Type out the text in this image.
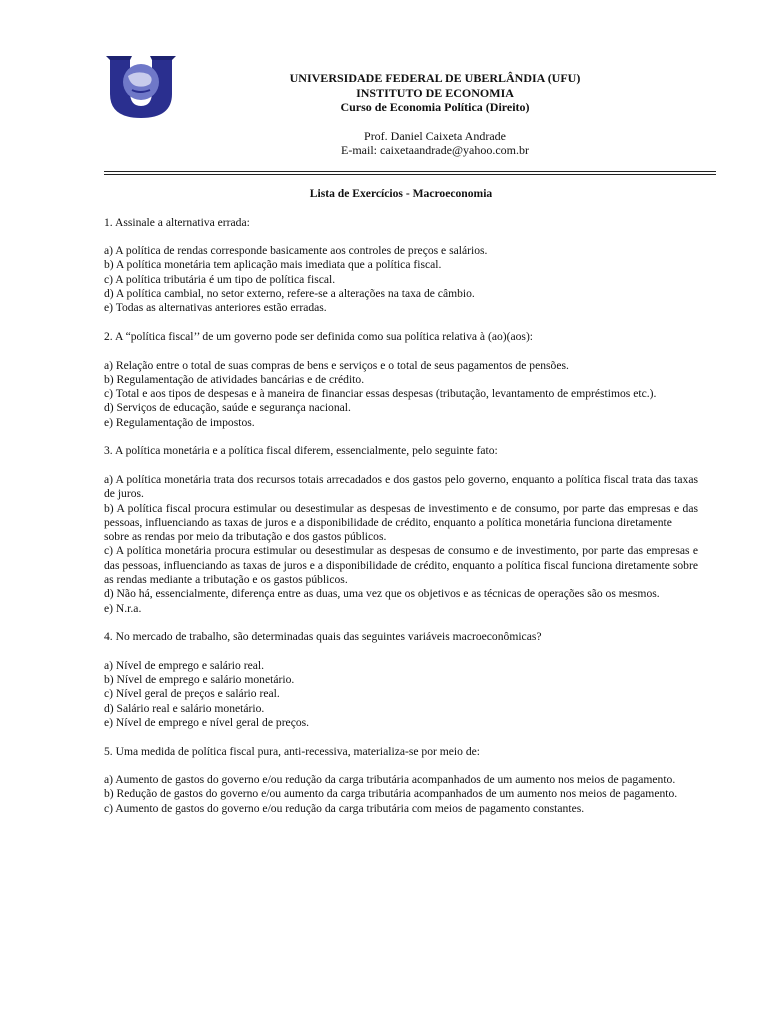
UNIVERSIDADE FEDERAL DE UBERLÂNDIA (UFU)
INSTITUTO DE ECONOMIA
Curso de Economia Política (Direito)
Prof. Daniel Caixeta Andrade
E-mail: caixetaandrade@yahoo.com.br
Lista de Exercícios - Macroeconomia

1. Assinale a alternativa errada:

a) A política de rendas corresponde basicamente aos controles de preços e salários.

b) A política monetária tem aplicação mais imediata que a política fiscal.

c) A política tributária é um tipo de política fiscal.

d) A política cambial, no setor externo, refere-se a alterações na taxa de câmbio.

e) Todas as alternativas anteriores estão erradas.

2. A “política fiscal’’ de um governo pode ser definida como sua política relativa à (ao)(aos):

a) Relação entre o total de suas compras de bens e serviços e o total de seus pagamentos de pensões.

b) Regulamentação de atividades bancárias e de crédito.

c) Total e aos tipos de despesas e à maneira de financiar essas despesas (tributação, levantamento de empréstimos etc.).

d) Serviços de educação, saúde e segurança nacional.

e) Regulamentação de impostos.

3. A política monetária e a política fiscal diferem, essencialmente, pelo seguinte fato:

a) A política monetária trata dos recursos totais arrecadados e dos gastos pelo governo, enquanto a política fiscal trata das taxas de juros.

b) A política fiscal procura estimular ou desestimular as despesas de investimento e de consumo, por parte das empresas e das pessoas, influenciando as taxas de juros e a disponibilidade de crédito, enquanto a política monetária funciona diretamente

sobre as rendas por meio da tributação e dos gastos públicos.

c) A política monetária procura estimular ou desestimular as despesas de consumo e de investimento, por parte das empresas e das pessoas, influenciando as taxas de juros e a disponibilidade de crédito, enquanto a política fiscal funciona diretamente sobre as rendas mediante a tributação e os gastos públicos.

d) Não há, essencialmente, diferença entre as duas, uma vez que os objetivos e as técnicas de operações são os mesmos.

e) N.r.a.

4. No mercado de trabalho, são determinadas quais das seguintes variáveis macroeconômicas?

a) Nível de emprego e salário real.

b) Nível de emprego e salário monetário.

c) Nível geral de preços e salário real.

d) Salário real e salário monetário.

e) Nível de emprego e nível geral de preços.

5. Uma medida de política fiscal pura, anti-recessiva, materializa-se por meio de:

a) Aumento de gastos do governo e/ou redução da carga tributária acompanhados de um aumento nos meios de pagamento.

b) Redução de gastos do governo e/ou aumento da carga tributária acompanhados de um aumento nos meios de pagamento.

c) Aumento de gastos do governo e/ou redução da carga tributária com meios de pagamento constantes.
